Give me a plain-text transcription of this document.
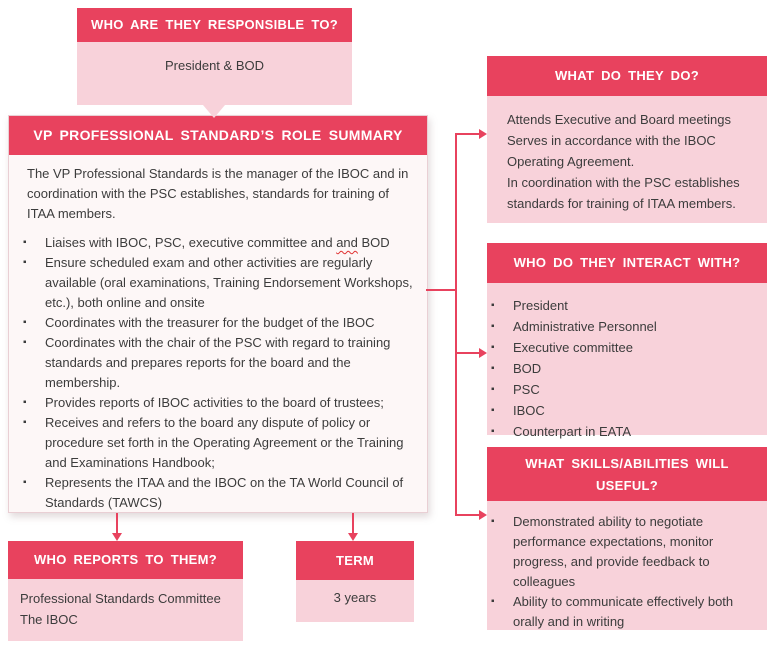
WHO ARE THEY RESPONSIBLE TO?
President & BOD
VP PROFESSIONAL STANDARD’S ROLE SUMMARY

The VP Professional Standards is the manager of the IBOC and in coordination with the PSC establishes, standards for training of ITAA members.

▪ Liaises with IBOC, PSC, executive committee and and BOD
▪ Ensure scheduled exam and other activities are regularly available (oral examinations, Training Endorsement Workshops, etc.), both online and onsite
▪ Coordinates with the treasurer for the budget of the IBOC
▪ Coordinates with the chair of the PSC with regard to training standards and prepares reports for the board and the membership.
▪ Provides reports of IBOC activities to the board of trustees;
▪ Receives and refers to the board any dispute of policy or procedure set forth in the Operating Agreement or the Training and Examinations Handbook;
▪ Represents the ITAA and the IBOC on the TA World Council of Standards (TAWCS)
WHAT DO THEY DO?
Attends Executive and Board meetings
Serves in accordance with the IBOC Operating Agreement.
In coordination with the PSC establishes standards for training of ITAA members.
WHO DO THEY INTERACT WITH?
▪ President
▪ Administrative Personnel
▪ Executive committee
▪ BOD
▪ PSC
▪ IBOC
▪ Counterpart in EATA
WHAT SKILLS/ABILITIES WILL USEFUL?
▪ Demonstrated ability to negotiate performance expectations, monitor progress, and provide feedback to colleagues
▪ Ability to communicate effectively both orally and in writing
WHO REPORTS TO THEM?
Professional Standards Committee
The IBOC
TERM
3 years
